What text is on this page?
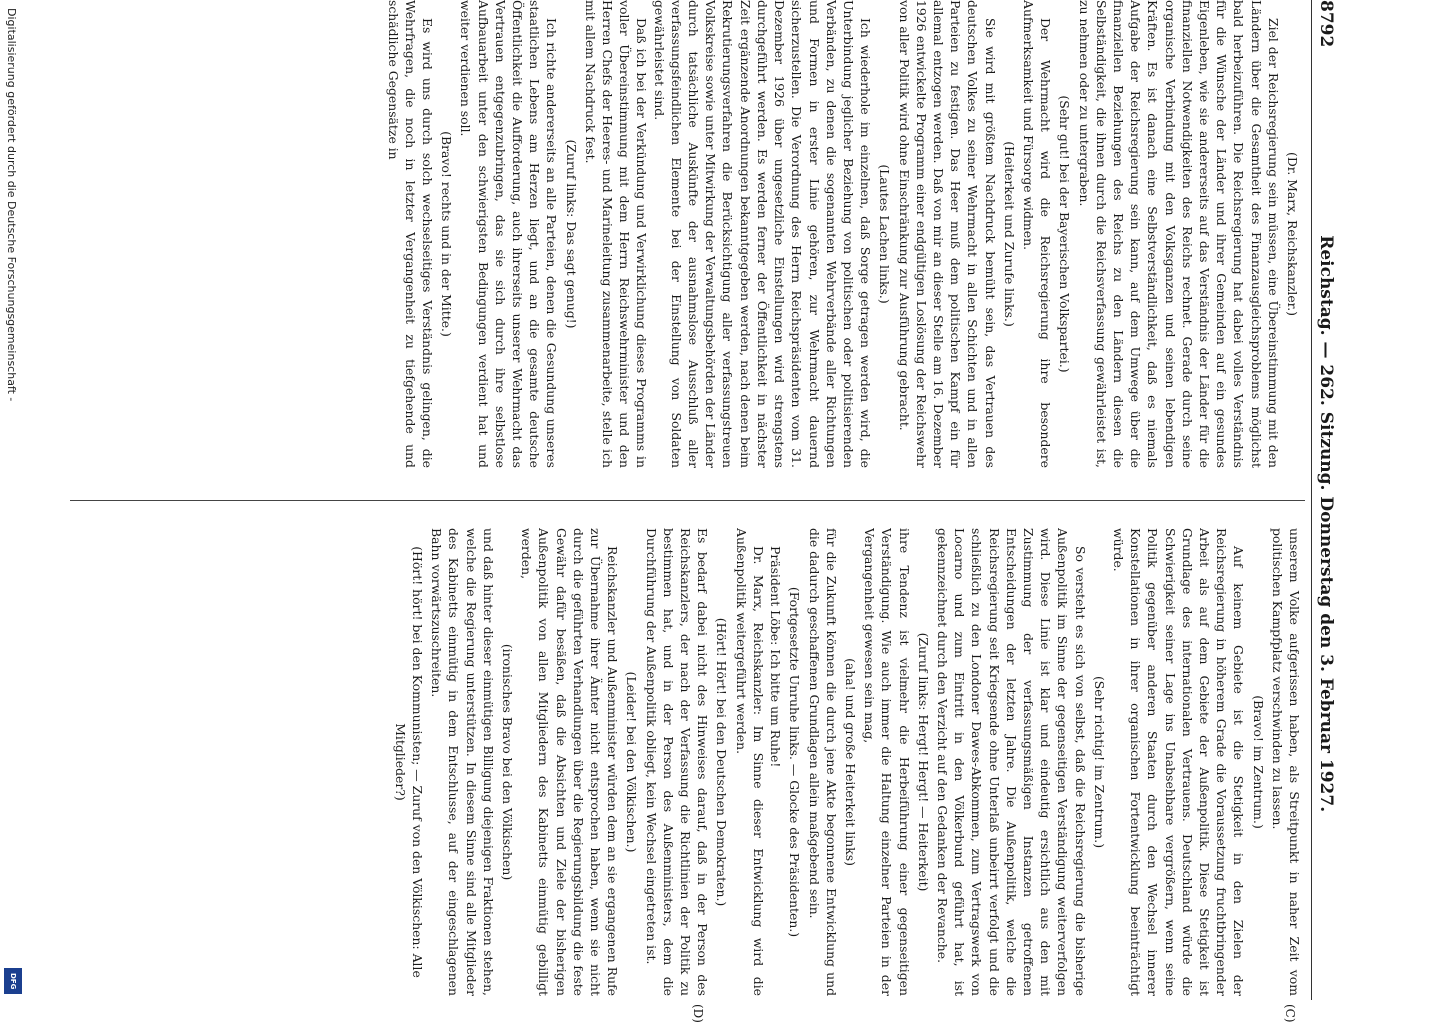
Digitalisierung gefördert durch die Deutsche Forschungsgemeinschaft -
DFG
8792
Reichstag. — 262. Sitzung. Donnerstag den 3. Februar 1927.

(Dr. Marx, Reichskanzler.)

Ziel der Reichsregierung sein müssen, eine Übereinstimmung mit den Ländern über die Gesamtheit des Finanzausgleichsproblems möglichst bald herbeizuführen. Die Reichsregierung hat dabei volles Verständnis für die Wünsche der Länder und ihrer Gemeinden auf ein gesundes Eigenleben, wie sie andererseits auf das Verständnis der Länder für die finanziellen Notwendigkeiten des Reichs rechnet. Gerade durch seine organische Verbindung mit den Volksganzen und seinen lebendigen Kräften. Es ist danach eine Selbstverständlichkeit, daß es niemals Aufgabe der Reichsregierung sein kann, auf dem Umwege über die finanziellen Beziehungen des Reichs zu den Ländern diesen die Selbständigkeit, die ihnen durch die Reichsverfassung gewährleistet ist, zu nehmen oder zu untergraben.

(Sehr gut! bei der Bayerischen Volkspartei.)

Der Wehrmacht wird die Reichsregierung ihre besondere Aufmerksamkeit und Fürsorge widmen.

(Heiterkeit und Zurufe links.)

Sie wird mit größtem Nachdruck bemüht sein, das Vertrauen des deutschen Volkes zu seiner Wehrmacht in allen Schichten und in allen Parteien zu festigen. Das Heer muß dem politischen Kampf ein für allemal entzogen werden. Daß von mir an dieser Stelle am 16. Dezember 1926 entwickelte Programm einer endgültigen Loslösung der Reichswehr von aller Politik wird ohne Einschränkung zur Ausführung gebracht.

(Lautes Lachen links.)

Ich wiederhole im einzelnen, daß Sorge getragen werden wird, die Unterbindung jeglicher Beziehung von politischen oder politisierenden Verbänden, zu denen die sogenannten Wehrverbände aller Richtungen und Formen in erster Linie gehören, zur Wehrmacht dauernd sicherzustellen. Die Verordnung des Herrn Reichspräsidenten vom 31. Dezember 1926 über ungesetzliche Einstellungen wird strengstens durchgeführt werden. Es werden ferner der Öffentlichkeit in nächster Zeit ergänzende Anordnungen bekanntgegeben werden, nach denen beim Rekrutierungsverfahren die Berücksichtigung aller verfassungstreuen Volkskreise sowie unter Mitwirkung der Verwaltungsbehörden der Länder durch tatsächliche Auskünfte der ausnahmslose Ausschluß aller verfassungsfeindlichen Elemente bei der Einstellung von Soldaten gewährleistet sind.

Daß ich bei der Verkündung und Verwirklichung dieses Programms in voller Übereinstimmung mit dem Herrn Reichswehrminister und den Herren Chefs der Heeres- und Marineleitung zusammenarbeite, stelle ich mit allem Nachdruck fest.

(Zuruf links: Das sagt genug!)

Ich richte andererseits an alle Parteien, denen die Gesundung unseres staatlichen Lebens am Herzen liegt, und an die gesamte deutsche Öffentlichkeit die Aufforderung, auch ihrerseits unserer Wehrmacht das Vertrauen entgegenzubringen, das sie sich durch ihre selbstlose Aufbauarbeit unter den schwierigsten Bedingungen verdient hat und weiter verdienen soll.

(Bravo! rechts und in der Mitte.)

Es wird uns durch solch wechselseitiges Verständnis gelingen, die Wehrfragen, die noch in letzter Vergangenheit zu tiefgehende und schädliche Gegensätze in

unserem Volke aufgerissen haben, als Streitpunkt in naher Zeit vom politischen Kampfplatz verschwinden zu lassen.

(Bravo! im Zentrum.)

Auf keinem Gebiete ist die Stetigkeit in den Zielen der Reichsregierung in höherem Grade die Voraussetzung fruchtbringender Arbeit als auf dem Gebiete der Außenpolitik. Diese Stetigkeit ist Grundlage des internationalen Vertrauens. Deutschland würde die Schwierigkeit seiner Lage ins Unabsehbare vergrößern, wenn seine Politik gegenüber anderen Staaten durch den Wechsel innerer Konstellationen in ihrer organischen Fortentwicklung beeinträchtigt würde.

(Sehr richtig! im Zentrum.)

So versteht es sich von selbst, daß die Reichsregierung die bisherige Außenpolitik im Sinne der gegenseitigen Verständigung weiterverfolgen wird. Diese Linie ist klar und eindeutig ersichtlich aus den mit Zustimmung der verfassungsmäßigen Instanzen getroffenen Entscheidungen der letzten Jahre. Die Außenpolitik, welche die Reichsregierung seit Kriegsende ohne Unterlaß unbeirrt verfolgt und die schließlich zu den Londoner Dawes-Abkommen, zum Vertragswerk von Locarno und zum Eintritt in den Völkerbund geführt hat, ist gekennzeichnet durch den Verzicht auf den Gedanken der Revanche.

(Zuruf links: Hergt! Hergt! — Heiterkeit)

ihre Tendenz ist vielmehr die Herbeiführung einer gegenseitigen Verständigung. Wie auch immer die Haltung einzelner Parteien in der Vergangenheit gewesen sein mag,

(aha! und große Heiterkeit links)

für die Zukunft können die durch jene Akte begonnene Entwicklung und die dadurch geschaffenen Grundlagen allein maßgebend sein.

(Fortgesetzte Unruhe links. — Glocke des Präsidenten.)

Präsident Löbe: Ich bitte um Ruhe!

Dr. Marx, Reichskanzler: Im Sinne dieser Entwicklung wird die Außenpolitik weitergeführt werden.

(Hört! Hört! bei den Deutschen Demokraten.)

Es bedarf dabei nicht des Hinweises darauf, daß in der Person des Reichskanzlers, der nach der Verfassung die Richtlinien der Politik zu bestimmen hat, und in der Person des Außenministers, dem die Durchführung der Außenpolitik obliegt, kein Wechsel eingetreten ist.

(Leider! bei den Völkischen.)

Reichskanzler und Außenminister würden dem an sie ergangenen Rufe zur Übernahme ihrer Ämter nicht entsprochen haben, wenn sie nicht durch die geführten Verhandlungen über die Regierungsbildung die feste Gewähr dafür besäßen, daß die Absichten und Ziele der bisherigen Außenpolitik von allen Mitgliedern des Kabinetts einmütig gebilligt werden,

(ironisches Bravo bei den Völkischen)

und daß hinter dieser einmütigen Billigung diejenigen Fraktionen stehen, welche die Regierung unterstützen. In diesem Sinne sind alle Mitglieder des Kabinetts einmütig in dem Entschlusse, auf der eingeschlagenen Bahn vorwärtszuschreiten.

(Hört! hört! bei den Kommunisten; — Zuruf von den Völkischen: Alle Mitglieder?)

(C)
(D)
